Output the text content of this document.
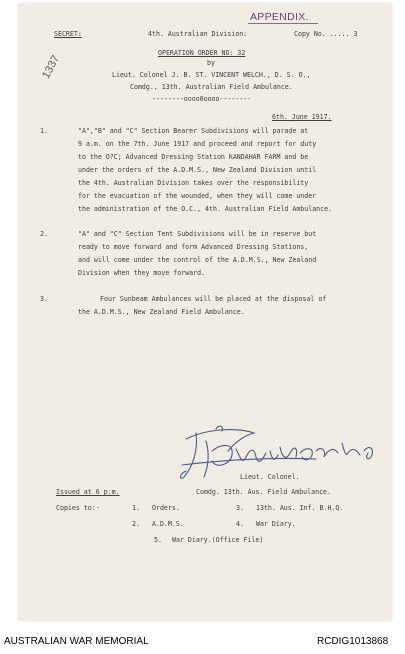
SECRET:	4th. Australian Division:	Copy No. ..... 3
APPENDIX.
1337
OPERATION ORDER NO: 32
by
Lieut. Colonel J. B. ST. VINCENT WELCH., D. S. O.,
Comdg., 13th. Australian Field Ambulance.
--------oooo0oooo--------
6th. June 1917.
1.	"A","B" and "C" Section Bearer Subdivisions will parade at
9 a.m. on the 7th. June 1917 and proceed and report for duty
to the O?C; Advanced Dressing Station KANDAHAR FARM and be
under the orders of the A.D.M.S., New Zealand Division until
the 4th. Australian Division takes over the responsibility
for the evacuation of the wounded, when they will come under
the administration of the O.C., 4th. Australian Field Ambulance.
2.	"A" and "C" Section Tent Subdivisions will be in reserve but
ready to move forward and form Advanced Dressing Stations,
and will come under the control of the A.D.M.S., New Zealand
Division when they move forward.
3.	Four Sunbeam Ambulances will be placed at the disposal of
the A.D.M.S., New Zealand Field Ambulance.
Lieut. Colonel.
Comdg. 13th. Aus. Field Ambulance.
Issued at 6 p.m.
Copies to:-	1. Orders.
2. A.D.M.S.
3. 13th. Aus. Inf. B.H.Q.
4. War Diary.
5. War Diary.(Office File)
AUSTRALIAN WAR MEMORIAL	RCDIG1013868
